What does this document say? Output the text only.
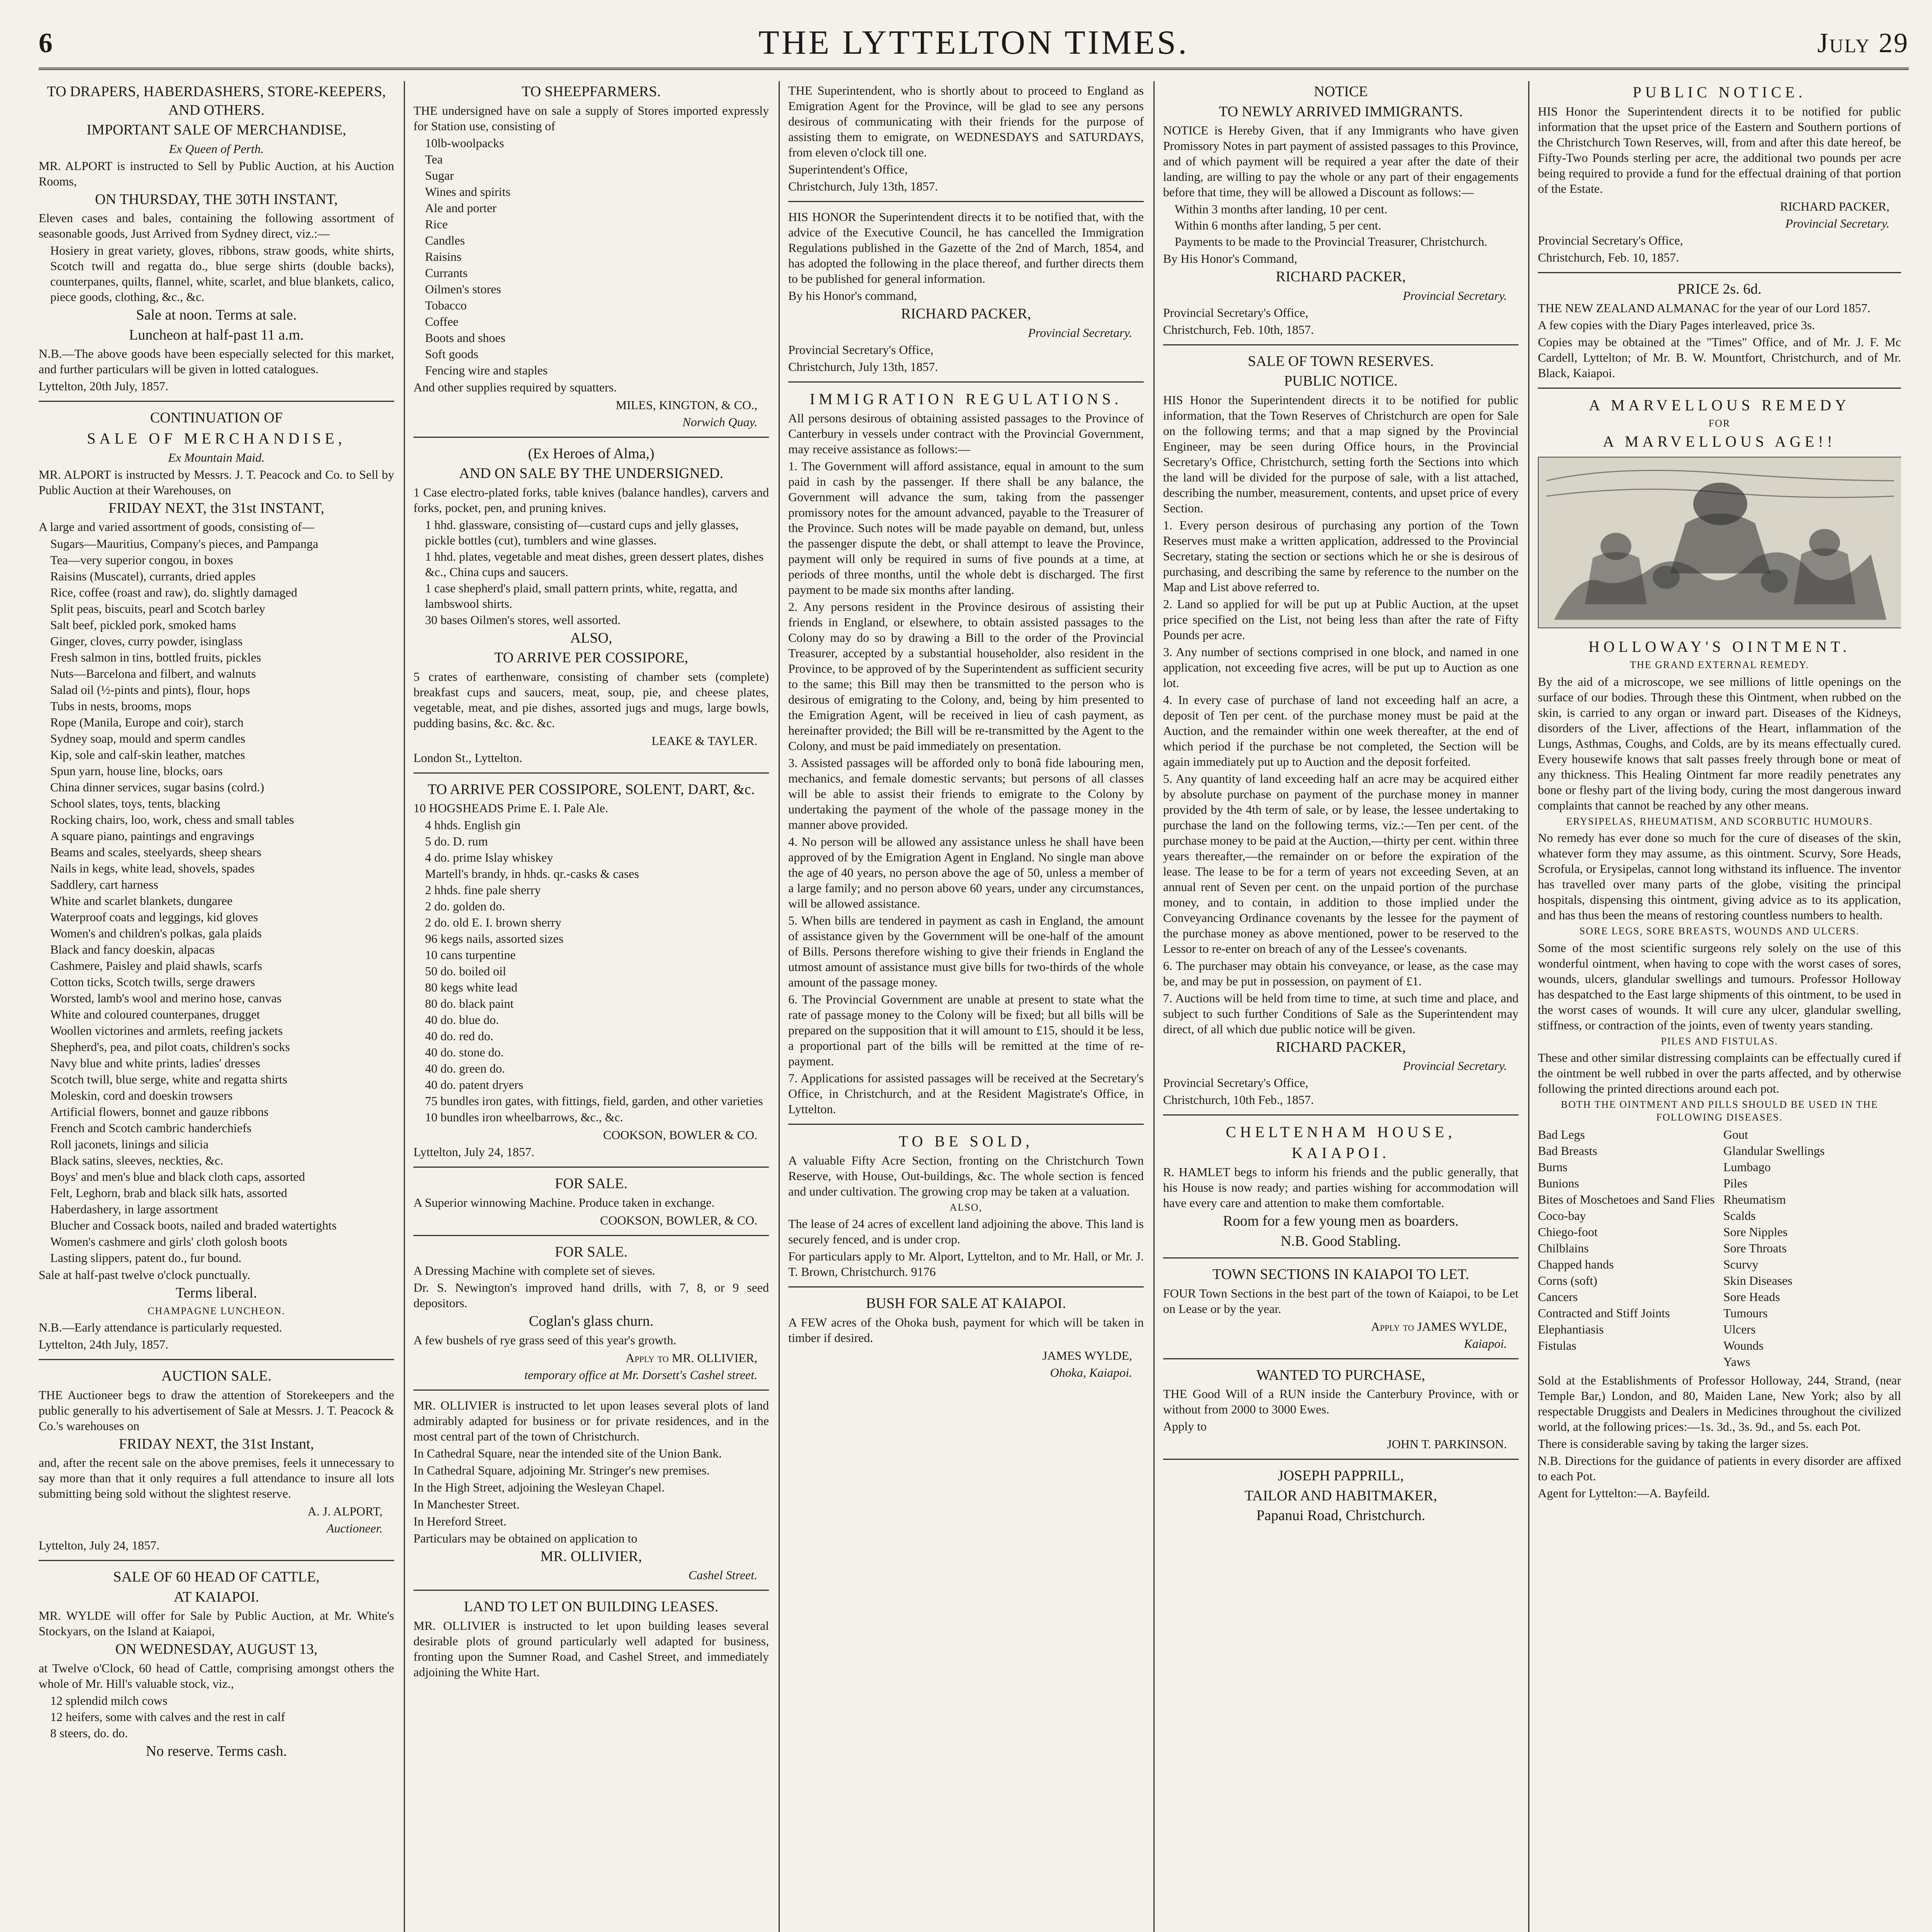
6	THE LYTTELTON TIMES.	July 29
TO DRAPERS, HABERDASHERS, STORE-KEEPERS, AND OTHERS.
IMPORTANT SALE OF MERCHANDISE,
Ex Queen of Perth.
MR. ALPORT is instructed to Sell by Public Auction, at his Auction Rooms,
ON THURSDAY, THE 30TH INSTANT,
Eleven cases and bales, containing the following assortment of seasonable goods, Just Arrived from Sydney direct, viz.:—
Hosiery in great variety, gloves, ribbons, straw goods, white shirts, Scotch twill and regatta do., blue serge shirts (double backs), counterpanes, quilts, flannel, white, scarlet, and blue blankets, calico, piece goods, clothing, &c., &c.
Sale at noon. Terms at sale.
Luncheon at half-past 11 a.m.
N.B.—The above goods have been especially selected for this market, and further particulars will be given in lotted catalogues.
Lyttelton, 20th July, 1857.
CONTINUATION OF
SALE OF MERCHANDISE,
Ex Mountain Maid.
MR. ALPORT is instructed by Messrs. J. T. Peacock and Co. to Sell by Public Auction at their Warehouses, on
FRIDAY NEXT, the 31st INSTANT,
A large and varied assortment of goods, consisting of—
Sugars—Mauritius, Company's pieces, and Pampanga
Tea—very superior congou, in boxes
Raisins (Muscatel), currants, dried apples
Rice, coffee (roast and raw), do. slightly damaged
Split peas, biscuits, pearl and Scotch barley
Salt beef, pickled pork, smoked hams
Ginger, cloves, curry powder, isinglass
Fresh salmon in tins, bottled fruits, pickles
Nuts—Barcelona and filbert, and walnuts
Salad oil (½-pints and pints), flour, hops
Tubs in nests, brooms, mops
Rope (Manila, Europe and coir), starch
Sydney soap, mould and sperm candles
Kip, sole and calf-skin leather, matches
Spun yarn, house line, blocks, oars
China dinner services, sugar basins (colrd.)
School slates, toys, tents, blacking
Rocking chairs, loo, work, chess and small tables
A square piano, paintings and engravings
Beams and scales, steelyards, sheep shears
Nails in kegs, white lead, shovels, spades
Saddlery, cart harness
White and scarlet blankets, dungaree
Waterproof coats and leggings, kid gloves
Women's and children's polkas, gala plaids
Black and fancy doeskin, alpacas
Cashmere, Paisley and plaid shawls, scarfs
Cotton ticks, Scotch twills, serge drawers
Worsted, lamb's wool and merino hose, canvas
White and coloured counterpanes, drugget
Woollen victorines and armlets, reefing jackets
Shepherd's, pea, and pilot coats, children's socks
Navy blue and white prints, ladies' dresses
Scotch twill, blue serge, white and regatta shirts
Moleskin, cord and doeskin trowsers
Artificial flowers, bonnet and gauze ribbons
French and Scotch cambric handerchiefs
Roll jaconets, linings and silicia
Black satins, sleeves, neckties, &c.
Boys' and men's blue and black cloth caps, assorted
Felt, Leghorn, brab and black silk hats, assorted
Haberdashery, in large assortment
Blucher and Cossack boots, nailed and braded watertights
Women's cashmere and girls' cloth golosh boots
Lasting slippers, patent do., fur bound.
Sale at half-past twelve o'clock punctually.
Terms liberal.
CHAMPAGNE LUNCHEON.
N.B.—Early attendance is particularly requested.
Lyttelton, 24th July, 1857.
AUCTION SALE.
THE Auctioneer begs to draw the attention of Storekeepers and the public generally to his advertisement of Sale at Messrs. J. T. Peacock & Co.'s warehouses on
FRIDAY NEXT, the 31st Instant,
and, after the recent sale on the above premises, feels it unnecessary to say more than that it only requires a full attendance to insure all lots submitting being sold without the slightest reserve.
A. J. ALPORT,
Auctioneer.
Lyttelton, July 24, 1857.
SALE OF 60 HEAD OF CATTLE,
AT KAIAPOI.
MR. WYLDE will offer for Sale by Public Auction, at Mr. White's Stockyars, on the Island at Kaiapoi,
ON WEDNESDAY, AUGUST 13,
at Twelve o'Clock, 60 head of Cattle, comprising amongst others the whole of Mr. Hill's valuable stock, viz.,
12 splendid milch cows
12 heifers, some with calves and the rest in calf
8 steers, do. do.
No reserve. Terms cash.
TO SHEEPFARMERS.
THE undersigned have on sale a supply of Stores imported expressly for Station use, consisting of
10lb-woolpacks
Tea
Sugar
Wines and spirits
Ale and porter
Rice
Candles
Raisins
Currants
Oilmen's stores
Tobacco
Coffee
Boots and shoes
Soft goods
Fencing wire and staples
And other supplies required by squatters.
MILES, KINGTON, & CO.,
Norwich Quay.
(Ex Heroes of Alma,)
AND ON SALE BY THE UNDERSIGNED.
1 Case electro-plated forks, table knives (balance handles), carvers and forks, pocket, pen, and pruning knives.
1 hhd. glassware, consisting of—custard cups and jelly glasses, pickle bottles (cut), tumblers and wine glasses.
1 hhd. plates, vegetable and meat dishes, green dessert plates, dishes &c., China cups and saucers.
1 case shepherd's plaid, small pattern prints, white, regatta, and lambswool shirts.
30 bases Oilmen's stores, well assorted.
ALSO,
TO ARRIVE PER COSSIPORE,
5 crates of earthenware, consisting of chamber sets (complete) breakfast cups and saucers, meat, soup, pie, and cheese plates, vegetable, meat, and pie dishes, assorted jugs and mugs, large bowls, pudding basins, &c. &c. &c.
LEAKE & TAYLER.
London St., Lyttelton.
TO ARRIVE PER COSSIPORE, SOLENT, DART, &c.
10 HOGSHEADS Prime E. I. Pale Ale.
4 hhds. English gin
5 do. D. rum
4 do. prime Islay whiskey
Martell's brandy, in hhds. qr.-casks & cases
2 hhds. fine pale sherry
2 do. golden do.
2 do. old E. I. brown sherry
96 kegs nails, assorted sizes
10 cans turpentine
50 do. boiled oil
80 kegs white lead
80 do. black paint
40 do. blue do.
40 do. red do.
40 do. stone do.
40 do. green do.
40 do. patent dryers
75 bundles iron gates, with fittings, field, garden, and other varieties
10 bundles iron wheelbarrows, &c., &c.
COOKSON, BOWLER & CO.
Lyttelton, July 24, 1857.
FOR SALE.
A Superior winnowing Machine. Produce taken in exchange.
COOKSON, BOWLER, & CO.
FOR SALE.
A Dressing Machine with complete set of sieves.
Dr. S. Newington's improved hand drills, with 7, 8, or 9 seed depositors.
Coglan's glass churn.
A few bushels of rye grass seed of this year's growth.
Apply to MR. OLLIVIER,
temporary office at Mr. Dorsett's Cashel street.
MR. OLLIVIER is instructed to let upon leases several plots of land admirably adapted for business or for private residences, and in the most central part of the town of Christchurch.
In Cathedral Square, near the intended site of the Union Bank.
In Cathedral Square, adjoining Mr. Stringer's new premises.
In the High Street, adjoining the Wesleyan Chapel.
In Manchester Street.
In Hereford Street.
Particulars may be obtained on application to
MR. OLLIVIER,
Cashel Street.
LAND TO LET ON BUILDING LEASES.
MR. OLLIVIER is instructed to let upon building leases several desirable plots of ground particularly well adapted for business, fronting upon the Sumner Road, and Cashel Street, and immediately adjoining the White Hart.
THE Superintendent, who is shortly about to proceed to England as Emigration Agent for the Province, will be glad to see any persons desirous of communicating with their friends for the purpose of assisting them to emigrate, on WEDNESDAYS and SATURDAYS, from eleven o'clock till one.
Superintendent's Office,
Christchurch, July 13th, 1857.
HIS HONOR the Superintendent directs it to be notified that, with the advice of the Executive Council, he has cancelled the Immigration Regulations published in the Gazette of the 2nd of March, 1854, and has adopted the following in the place thereof, and further directs them to be published for general information.
By his Honor's command,
RICHARD PACKER,
Provincial Secretary.
Provincial Secretary's Office,
Christchurch, July 13th, 1857.
IMMIGRATION REGULATIONS.
All persons desirous of obtaining assisted passages to the Province of Canterbury in vessels under contract with the Provincial Government, may receive assistance as follows:—
1. The Government will afford assistance, equal in amount to the sum paid in cash by the passenger. If there shall be any balance, the Government will advance the sum, taking from the passenger promissory notes for the amount advanced, payable to the Treasurer of the Province. Such notes will be made payable on demand, but, unless the passenger dispute the debt, or shall attempt to leave the Province, payment will only be required in sums of five pounds at a time, at periods of three months, until the whole debt is discharged. The first payment to be made six months after landing.
2. Any persons resident in the Province desirous of assisting their friends in England, or elsewhere, to obtain assisted passages to the Colony may do so by drawing a Bill to the order of the Provincial Treasurer, accepted by a substantial householder, also resident in the Province, to be approved of by the Superintendent as sufficient security to the same; this Bill may then be transmitted to the person who is desirous of emigrating to the Colony, and, being by him presented to the Emigration Agent, will be received in lieu of cash payment, as hereinafter provided; the Bill will be re-transmitted by the Agent to the Colony, and must be paid immediately on presentation.
3. Assisted passages will be afforded only to bonâ fide labouring men, mechanics, and female domestic servants; but persons of all classes will be able to assist their friends to emigrate to the Colony by undertaking the payment of the whole of the passage money in the manner above provided.
4. No person will be allowed any assistance unless he shall have been approved of by the Emigration Agent in England. No single man above the age of 40 years, no person above the age of 50, unless a member of a large family; and no person above 60 years, under any circumstances, will be allowed assistance.
5. When bills are tendered in payment as cash in England, the amount of assistance given by the Government will be one-half of the amount of Bills. Persons therefore wishing to give their friends in England the utmost amount of assistance must give bills for two-thirds of the whole amount of the passage money.
6. The Provincial Government are unable at present to state what the rate of passage money to the Colony will be fixed; but all bills will be prepared on the supposition that it will amount to £15, should it be less, a proportional part of the bills will be remitted at the time of re-payment.
7. Applications for assisted passages will be received at the Secretary's Office, in Christchurch, and at the Resident Magistrate's Office, in Lyttelton.
TO BE SOLD,
A valuable Fifty Acre Section, fronting on the Christchurch Town Reserve, with House, Out-buildings, &c. The whole section is fenced and under cultivation. The growing crop may be taken at a valuation.
ALSO,
The lease of 24 acres of excellent land adjoining the above. This land is securely fenced, and is under crop.
For particulars apply to Mr. Alport, Lyttelton, and to Mr. Hall, or Mr. J. T. Brown, Christchurch. 9176
BUSH FOR SALE AT KAIAPOI.
A FEW acres of the Ohoka bush, payment for which will be taken in timber if desired.
JAMES WYLDE,
Ohoka, Kaiapoi.
NOTICE
TO NEWLY ARRIVED IMMIGRANTS.
NOTICE is Hereby Given, that if any Immigrants who have given Promissory Notes in part payment of assisted passages to this Province, and of which payment will be required a year after the date of their landing, are willing to pay the whole or any part of their engagements before that time, they will be allowed a Discount as follows:—
Within 3 months after landing, 10 per cent.
Within 6 months after landing, 5 per cent.
Payments to be made to the Provincial Treasurer, Christchurch.
By His Honor's Command,
RICHARD PACKER,
Provincial Secretary.
Provincial Secretary's Office,
Christchurch, Feb. 10th, 1857.
SALE OF TOWN RESERVES.
PUBLIC NOTICE.
HIS Honor the Superintendent directs it to be notified for public information, that the Town Reserves of Christchurch are open for Sale on the following terms; and that a map signed by the Provincial Engineer, may be seen during Office hours, in the Provincial Secretary's Office, Christchurch, setting forth the Sections into which the land will be divided for the purpose of sale, with a list attached, describing the number, measurement, contents, and upset price of every Section.
1. Every person desirous of purchasing any portion of the Town Reserves must make a written application, addressed to the Provincial Secretary, stating the section or sections which he or she is desirous of purchasing, and describing the same by reference to the number on the Map and List above referred to.
2. Land so applied for will be put up at Public Auction, at the upset price specified on the List, not being less than after the rate of Fifty Pounds per acre.
3. Any number of sections comprised in one block, and named in one application, not exceeding five acres, will be put up to Auction as one lot.
4. In every case of purchase of land not exceeding half an acre, a deposit of Ten per cent. of the purchase money must be paid at the Auction, and the remainder within one week thereafter, at the end of which period if the purchase be not completed, the Section will be again immediately put up to Auction and the deposit forfeited.
5. Any quantity of land exceeding half an acre may be acquired either by absolute purchase on payment of the purchase money in manner provided by the 4th term of sale, or by lease, the lessee undertaking to purchase the land on the following terms, viz.:—Ten per cent. of the purchase money to be paid at the Auction,—thirty per cent. within three years thereafter,—the remainder on or before the expiration of the lease. The lease to be for a term of years not exceeding Seven, at an annual rent of Seven per cent. on the unpaid portion of the purchase money, and to contain, in addition to those implied under the Conveyancing Ordinance covenants by the lessee for the payment of the purchase money as above mentioned, power to be reserved to the Lessor to re-enter on breach of any of the Lessee's covenants.
6. The purchaser may obtain his conveyance, or lease, as the case may be, and may be put in possession, on payment of £1.
7. Auctions will be held from time to time, at such time and place, and subject to such further Conditions of Sale as the Superintendent may direct, of all which due public notice will be given.
RICHARD PACKER,
Provincial Secretary.
Provincial Secretary's Office,
Christchurch, 10th Feb., 1857.
CHELTENHAM HOUSE,
KAIAPOI.
R. HAMLET begs to inform his friends and the public generally, that his House is now ready; and parties wishing for accommodation will have every care and attention to make them comfortable.
Room for a few young men as boarders.
N.B. Good Stabling.
TOWN SECTIONS IN KAIAPOI TO LET.
FOUR Town Sections in the best part of the town of Kaiapoi, to be Let on Lease or by the year.
Apply to JAMES WYLDE,
Kaiapoi.
WANTED TO PURCHASE,
THE Good Will of a RUN inside the Canterbury Province, with or without from 2000 to 3000 Ewes.
Apply to
JOHN T. PARKINSON.
JOSEPH PAPPRILL,
TAILOR AND HABITMAKER,
Papanui Road, Christchurch.
PUBLIC NOTICE.
HIS Honor the Superintendent directs it to be notified for public information that the upset price of the Eastern and Southern portions of the Christchurch Town Reserves, will, from and after this date hereof, be Fifty-Two Pounds sterling per acre, the additional two pounds per acre being required to provide a fund for the effectual draining of that portion of the Estate.
RICHARD PACKER,
Provincial Secretary.
Provincial Secretary's Office,
Christchurch, Feb. 10, 1857.
PRICE 2s. 6d.
THE NEW ZEALAND ALMANAC for the year of our Lord 1857.
A few copies with the Diary Pages interleaved, price 3s.
Copies may be obtained at the "Times" Office, and of Mr. J. F. Mc Cardell, Lyttelton; of Mr. B. W. Mountfort, Christchurch, and of Mr. Black, Kaiapoi.
A MARVELLOUS REMEDY
FOR
A MARVELLOUS AGE!!
HOLLOWAY'S OINTMENT.
THE GRAND EXTERNAL REMEDY.
By the aid of a microscope, we see millions of little openings on the surface of our bodies. Through these this Ointment, when rubbed on the skin, is carried to any organ or inward part. Diseases of the Kidneys, disorders of the Liver, affections of the Heart, inflammation of the Lungs, Asthmas, Coughs, and Colds, are by its means effectually cured. Every housewife knows that salt passes freely through bone or meat of any thickness. This Healing Ointment far more readily penetrates any bone or fleshy part of the living body, curing the most dangerous inward complaints that cannot be reached by any other means.
ERYSIPELAS, RHEUMATISM, AND SCORBUTIC HUMOURS.
No remedy has ever done so much for the cure of diseases of the skin, whatever form they may assume, as this ointment. Scurvy, Sore Heads, Scrofula, or Erysipelas, cannot long withstand its influence. The inventor has travelled over many parts of the globe, visiting the principal hospitals, dispensing this ointment, giving advice as to its application, and has thus been the means of restoring countless numbers to health.
SORE LEGS, SORE BREASTS, WOUNDS AND ULCERS.
Some of the most scientific surgeons rely solely on the use of this wonderful ointment, when having to cope with the worst cases of sores, wounds, ulcers, glandular swellings and tumours. Professor Holloway has despatched to the East large shipments of this ointment, to be used in the worst cases of wounds. It will cure any ulcer, glandular swelling, stiffness, or contraction of the joints, even of twenty years standing.
PILES AND FISTULAS.
These and other similar distressing complaints can be effectually cured if the ointment be well rubbed in over the parts affected, and by otherwise following the printed directions around each pot.
BOTH THE OINTMENT AND PILLS SHOULD BE USED IN THE FOLLOWING DISEASES.
Bad Legs
Bad Breasts
Burns
Bunions
Bites of Moschetoes and Sand Flies
Coco-bay
Chiego-foot
Chilblains
Chapped hands
Corns (soft)
Cancers
Contracted and Stiff Joints
Elephantiasis
Fistulas
Gout
Glandular Swellings
Lumbago
Piles
Rheumatism
Scalds
Sore Nipples
Sore Throats
Scurvy
Skin Diseases
Sore Heads
Tumours
Ulcers
Wounds
Yaws
Sold at the Establishments of Professor Holloway, 244, Strand, (near Temple Bar,) London, and 80, Maiden Lane, New York; also by all respectable Druggists and Dealers in Medicines throughout the civilized world, at the following prices:—1s. 3d., 3s. 9d., and 5s. each Pot.
There is considerable saving by taking the larger sizes.
N.B. Directions for the guidance of patients in every disorder are affixed to each Pot.
Agent for Lyttelton:—A. Bayfeild.
